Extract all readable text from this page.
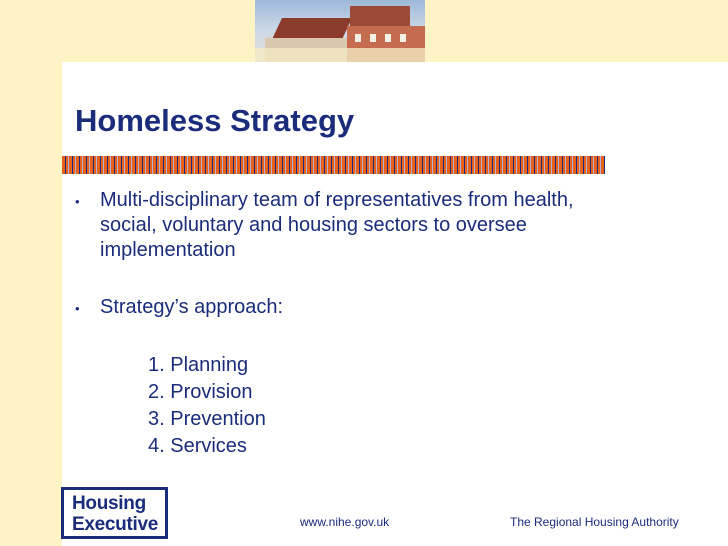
Homeless Strategy
•	Multi-disciplinary team of representatives from health, social, voluntary and housing sectors to oversee implementation
•	Strategy’s approach:
1. Planning
2. Provision
3. Prevention
4. Services
Housing
Executive	www.nihe.gov.uk	The Regional Housing Authority
